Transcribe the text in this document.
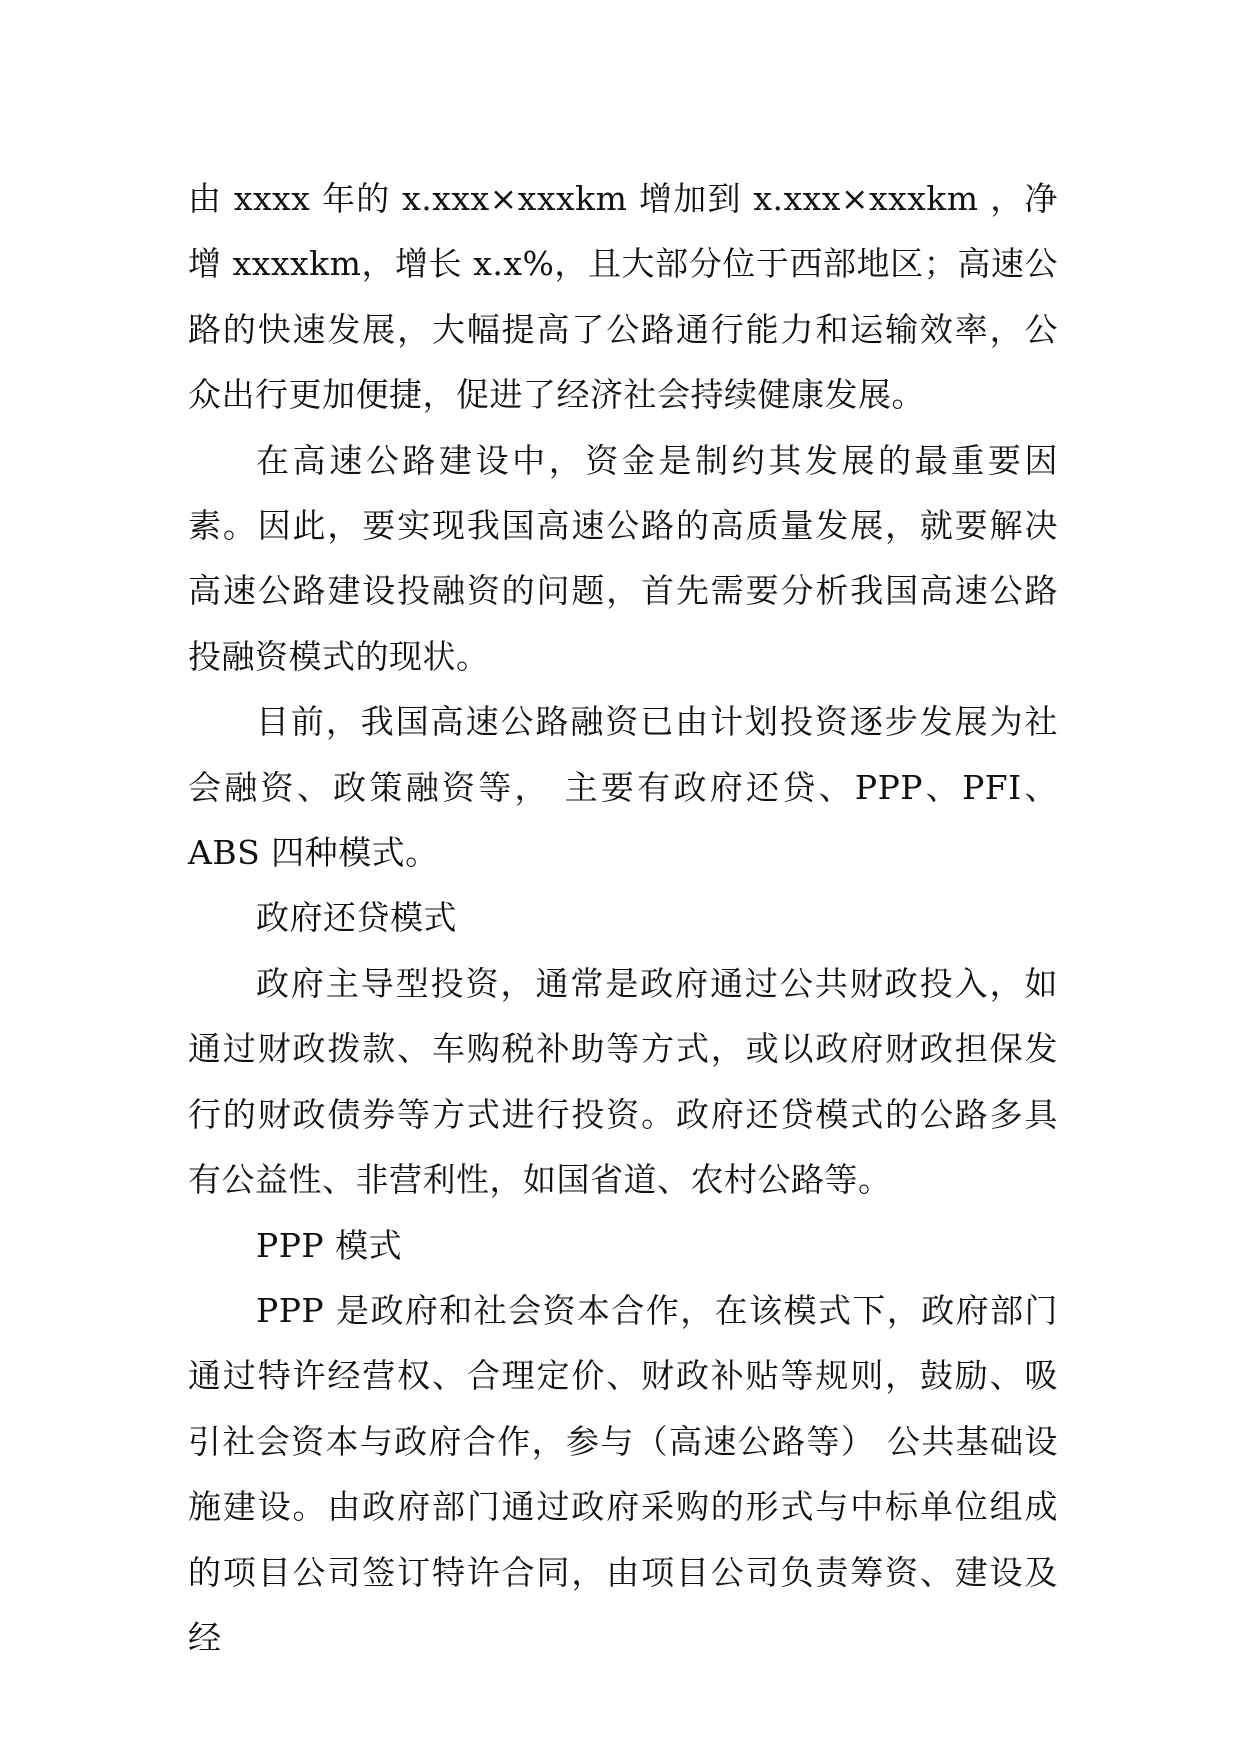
由 xxxx 年的 x.xxx×xxxkm 增加到 x.xxx×xxxkm ，净增 xxxxkm，增长 x.x%，且大部分位于西部地区；高速公路的快速发展，大幅提高了公路通行能力和运输效率，公众出行更加便捷，促进了经济社会持续健康发展。

在高速公路建设中，资金是制约其发展的最重要因素。因此，要实现我国高速公路的高质量发展，就要解决高速公路建设投融资的问题，首先需要分析我国高速公路投融资模式的现状。

目前，我国高速公路融资已由计划投资逐步发展为社会融资、政策融资等， 主要有政府还贷、PPP、PFI、ABS 四种模式。

政府还贷模式

政府主导型投资，通常是政府通过公共财政投入，如通过财政拨款、车购税补助等方式，或以政府财政担保发行的财政债券等方式进行投资。政府还贷模式的公路多具有公益性、非营利性，如国省道、农村公路等。

PPP 模式

PPP 是政府和社会资本合作，在该模式下，政府部门通过特许经营权、合理定价、财政补贴等规则，鼓励、吸引社会资本与政府合作，参与（高速公路等） 公共基础设施建设。由政府部门通过政府采购的形式与中标单位组成的项目公司签订特许合同，由项目公司负责筹资、建设及经
